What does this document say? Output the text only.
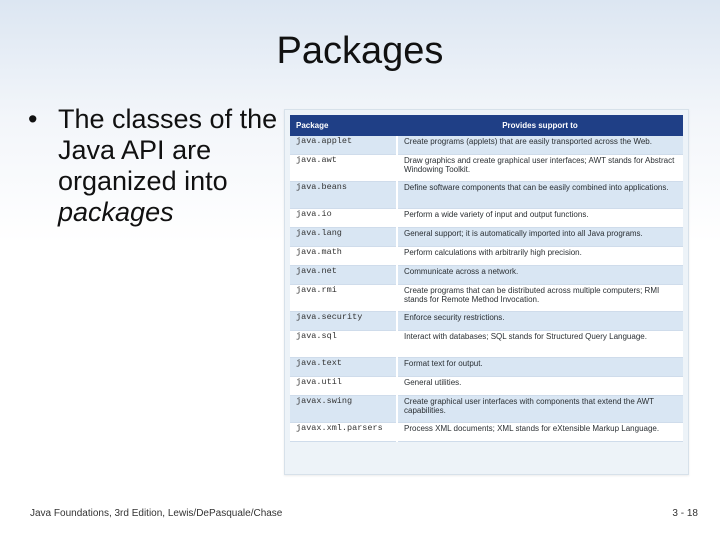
Packages
• The classes of the Java API are organized into packages
Package	Provides support to
java.applet	Create programs (applets) that are easily transported across the Web.
java.awt	Draw graphics and create graphical user interfaces; AWT stands for Abstract Windowing Toolkit.
java.beans	Define software components that can be easily combined into applications.
java.io	Perform a wide variety of input and output functions.
java.lang	General support; it is automatically imported into all Java programs.
java.math	Perform calculations with arbitrarily high precision.
java.net	Communicate across a network.
java.rmi	Create programs that can be distributed across multiple computers; RMI stands for Remote Method Invocation.
java.security	Enforce security restrictions.
java.sql	Interact with databases; SQL stands for Structured Query Language.
java.text	Format text for output.
java.util	General utilities.
javax.swing	Create graphical user interfaces with components that extend the AWT capabilities.
javax.xml.parsers	Process XML documents; XML stands for eXtensible Markup Language.
Java Foundations, 3rd Edition, Lewis/DePasquale/Chase	3 - 18
